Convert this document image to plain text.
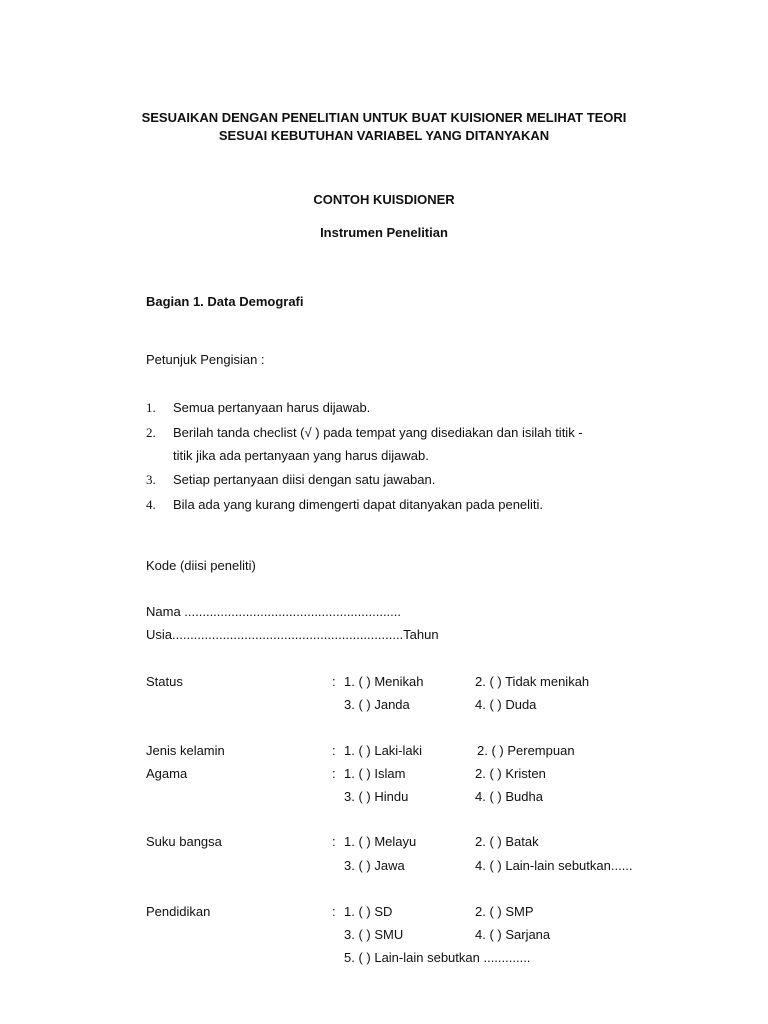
SESUAIKAN DENGAN PENELITIAN UNTUK BUAT KUISIONER MELIHAT TEORI
SESUAI KEBUTUHAN VARIABEL YANG DITANYAKAN
CONTOH KUISDIONER
Instrumen Penelitian
Bagian 1. Data Demografi
Petunjuk Pengisian :
1. Semua pertanyaan harus dijawab.
2. Berilah tanda checlist (√ ) pada tempat yang disediakan dan isilah titik -
titik jika ada pertanyaan yang harus dijawab.
3. Setiap pertanyaan diisi dengan satu jawaban.
4. Bila ada yang kurang dimengerti dapat ditanyakan pada peneliti.
Kode (diisi peneliti)
Nama ............................................................
Usia................................................................Tahun
Status	: 1. ( ) Menikah	2. ( ) Tidak menikah
3. ( ) Janda	4. ( ) Duda
Jenis kelamin	: 1. ( ) Laki-laki	2. ( ) Perempuan
Agama	: 1. ( ) Islam	2. ( ) Kristen
3. ( ) Hindu	4. ( ) Budha
Suku bangsa	: 1. ( ) Melayu	2. ( ) Batak
3. ( ) Jawa	4. ( ) Lain-lain sebutkan......
Pendidikan	: 1. ( ) SD	2. ( ) SMP
3. ( ) SMU	4. ( ) Sarjana
5. ( ) Lain-lain sebutkan .............
